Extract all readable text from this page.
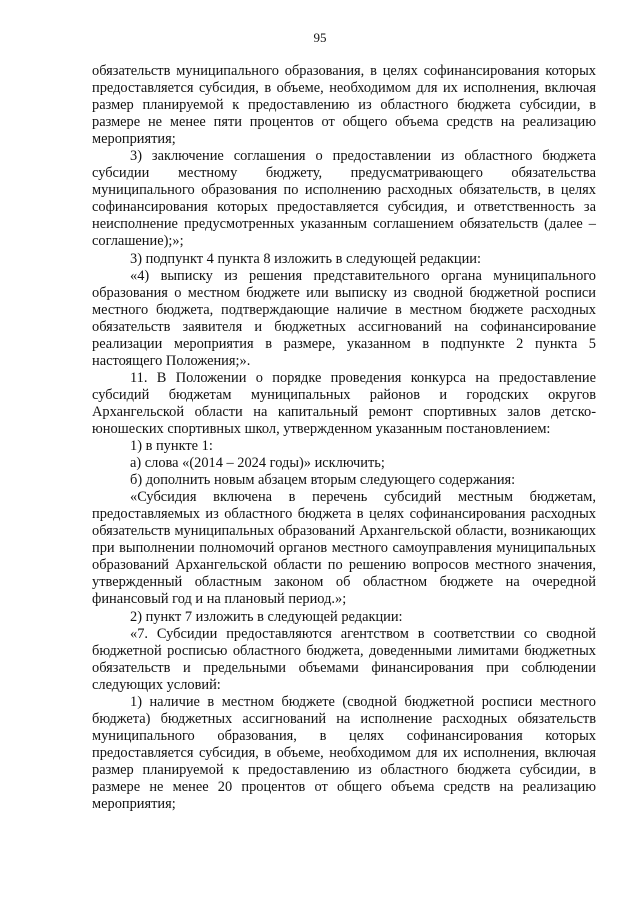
95

обязательств муниципального образования, в целях софинансирования которых предоставляется субсидия, в объеме, необходимом для их исполнения, включая размер планируемой к предоставлению из областного бюджета субсидии, в размере не менее пяти процентов от общего объема средств на реализацию мероприятия;

3) заключение соглашения о предоставлении из областного бюджета субсидии местному бюджету, предусматривающего обязательства муниципального образования по исполнению расходных обязательств, в целях софинансирования которых предоставляется субсидия, и ответственность за неисполнение предусмотренных указанным соглашением обязательств (далее – соглашение);»;

3) подпункт 4 пункта 8 изложить в следующей редакции:

«4) выписку из решения представительного органа муниципального образования о местном бюджете или выписку из сводной бюджетной росписи местного бюджета, подтверждающие наличие в местном бюджете расходных обязательств заявителя и бюджетных ассигнований на софинансирование реализации мероприятия в размере, указанном в подпункте 2 пункта 5 настоящего Положения;».

11. В Положении о порядке проведения конкурса на предоставление субсидий бюджетам муниципальных районов и городских округов Архангельской области на капитальный ремонт спортивных залов детско-юношеских спортивных школ, утвержденном указанным постановлением:

1) в пункте 1:

а) слова «(2014 – 2024 годы)» исключить;

б) дополнить новым абзацем вторым следующего содержания:

«Субсидия включена в перечень субсидий местным бюджетам, предоставляемых из областного бюджета в целях софинансирования расходных обязательств муниципальных образований Архангельской области, возникающих при выполнении полномочий органов местного самоуправления муниципальных образований Архангельской области по решению вопросов местного значения, утвержденный областным законом об областном бюджете на очередной финансовый год и на плановый период.»;

2) пункт 7 изложить в следующей редакции:

«7. Субсидии предоставляются агентством в соответствии со сводной бюджетной росписью областного бюджета, доведенными лимитами бюджетных обязательств и предельными объемами финансирования при соблюдении следующих условий:

1) наличие в местном бюджете (сводной бюджетной росписи местного бюджета) бюджетных ассигнований на исполнение расходных обязательств муниципального образования, в целях софинансирования которых предоставляется субсидия, в объеме, необходимом для их исполнения, включая размер планируемой к предоставлению из областного бюджета субсидии, в размере не менее 20 процентов от общего объема средств на реализацию мероприятия;
